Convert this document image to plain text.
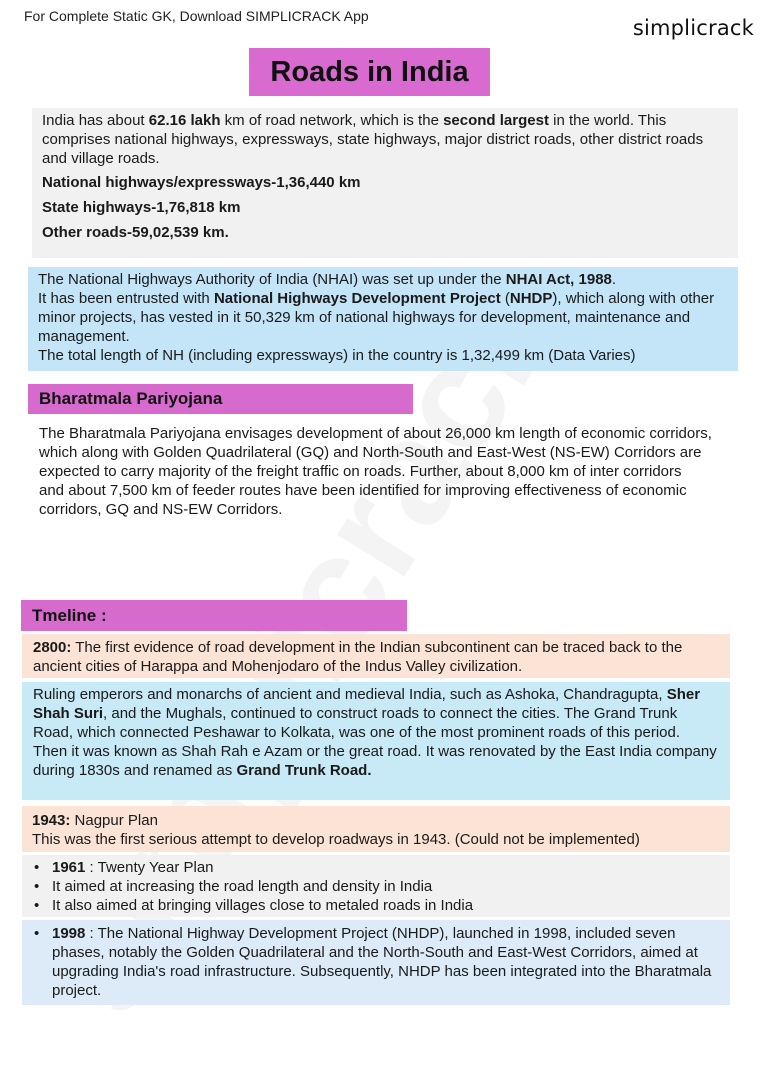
For Complete Static GK, Download SIMPLICRACK App	simplicrack
Roads in India

India has about 62.16 lakh km of road network, which is the second largest in the world. This comprises national highways, expressways, state highways, major district roads, other district roads and village roads.

National highways/expressways-1,36,440 km

State highways-1,76,818 km

Other roads-59,02,539 km.

The National Highways Authority of India (NHAI) was set up under the NHAI Act, 1988.

It has been entrusted with National Highways Development Project (NHDP), which along with other minor projects, has vested in it 50,329 km of national highways for development, maintenance and management.

The total length of NH (including expressways) in the country is 1,32,499 km (Data Varies)

Bharatmala Pariyojana

The Bharatmala Pariyojana envisages development of about 26,000 km length of economic corridors,

which along with Golden Quadrilateral (GQ) and North-South and East-West (NS-EW) Corridors are

expected to carry majority of the freight traffic on roads. Further, about 8,000 km of inter corridors

and about 7,500 km of feeder routes have been identified for improving effectiveness of economic

corridors, GQ and NS-EW Corridors.

Tmeline :

2800: The first evidence of road development in the Indian subcontinent can be traced back to the ancient cities of Harappa and Mohenjodaro of the Indus Valley civilization.

Ruling emperors and monarchs of ancient and medieval India, such as Ashoka, Chandragupta, Sher Shah Suri, and the Mughals, continued to construct roads to connect the cities. The Grand Trunk Road, which connected Peshawar to Kolkata, was one of the most prominent roads of this period.

Then it was known as Shah Rah e Azam or the great road. It was renovated by the East India company during 1830s and renamed as Grand Trunk Road.

1943: Nagpur Plan

This was the first serious attempt to develop roadways in 1943. (Could not be implemented)

• 1961 : Twenty Year Plan
• It aimed at increasing the road length and density in India
• It also aimed at bringing villages close to metaled roads in India
• 1998 : The National Highway Development Project (NHDP), launched in 1998, included seven phases, notably the Golden Quadrilateral and the North-South and East-West Corridors, aimed at upgrading India's road infrastructure. Subsequently, NHDP has been integrated into the Bharatmala project.
